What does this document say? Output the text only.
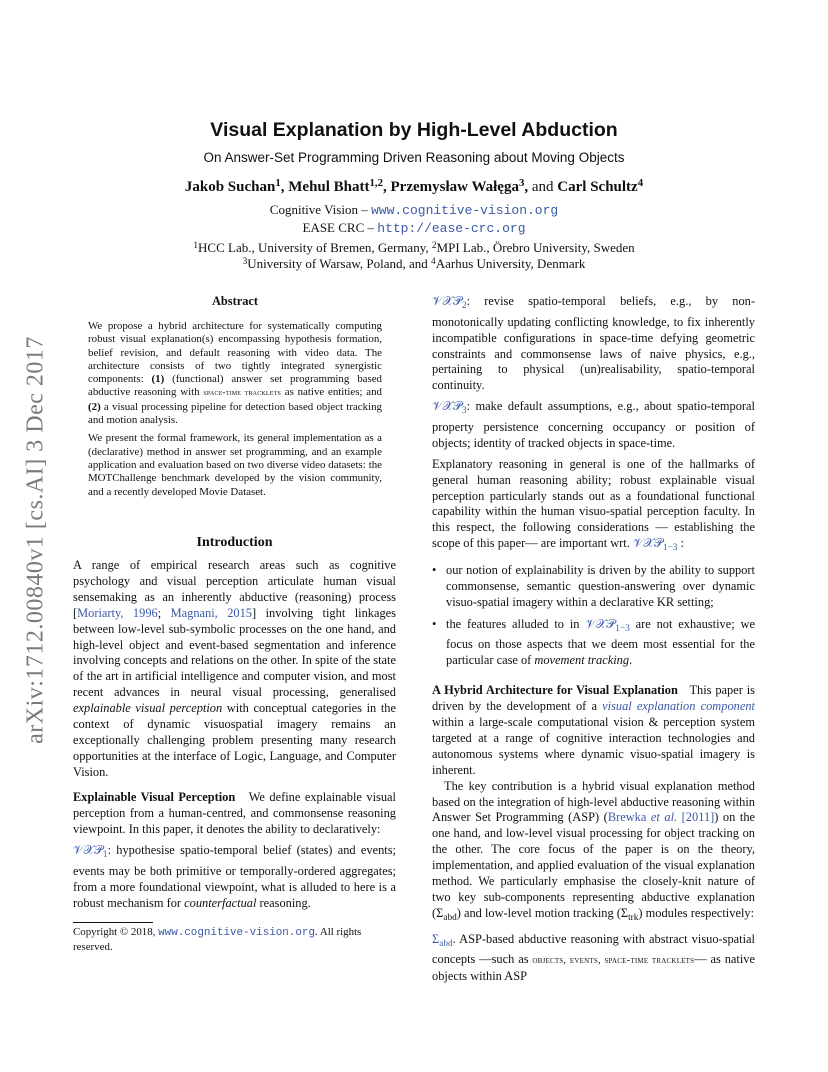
Visual Explanation by High-Level Abduction
On Answer-Set Programming Driven Reasoning about Moving Objects
Jakob Suchan$^1$, Mehul Bhatt$^{1,2}$, Przemysław Wałęga$^3$, and Carl Schultz$^4$
Cognitive Vision – www.cognitive-vision.org
EASE CRC – http://ease-crc.org
$^1$HCC Lab., University of Bremen, Germany, $^2$MPI Lab., Örebro University, Sweden
$^3$University of Warsaw, Poland, and $^4$Aarhus University, Denmark
arXiv:1712.00840v1 [cs.AI] 3 Dec 2017
Abstract

We propose a hybrid architecture for systematically computing robust visual explanation(s) encompassing hypothesis formation, belief revision, and default reasoning with video data. The architecture consists of two tightly integrated synergistic components: (1) (functional) answer set programming based abductive reasoning with space-time tracklets as native entities; and (2) a visual processing pipeline for detection based object tracking and motion analysis.

We present the formal framework, its general implementation as a (declarative) method in answer set programming, and an example application and evaluation based on two diverse video datasets: the MOTChallenge benchmark developed by the vision community, and a recently developed Movie Dataset.

Introduction

A range of empirical research areas such as cognitive psychology and visual perception articulate human visual sensemaking as an inherently abductive (reasoning) process [Moriarty, 1996; Magnani, 2015] involving tight linkages between low-level sub-symbolic processes on the one hand, and high-level object and event-based segmentation and inference involving concepts and relations on the other. In spite of the state of the art in artificial intelligence and computer vision, and most recent advances in neural visual processing, generalised explainable visual perception with conceptual categories in the context of dynamic visuospatial imagery remains an exceptionally challenging problem presenting many research opportunities at the interface of Logic, Language, and Computer Vision.

Explainable Visual Perception We define explainable visual perception from a human-centred, and commonsense reasoning viewpoint. In this paper, it denotes the ability to declaratively:

𝒱𝒳𝒫$_1$: hypothesise spatio-temporal belief (states) and events; events may be both primitive or temporally-ordered aggregates; from a more foundational viewpoint, what is alluded to here is a robust mechanism for counterfactual reasoning.

Copyright © 2018, www.cognitive-vision.org. All rights reserved.

𝒱𝒳𝒫$_2$: revise spatio-temporal beliefs, e.g., by non-monotonically updating conflicting knowledge, to fix inherently incompatible configurations in space-time defying geometric constraints and commonsense laws of naive physics, e.g., pertaining to physical (un)realisability, spatio-temporal continuity.

𝒱𝒳𝒫$_3$: make default assumptions, e.g., about spatio-temporal property persistence concerning occupancy or position of objects; identity of tracked objects in space-time.

Explanatory reasoning in general is one of the hallmarks of general human reasoning ability; robust explainable visual perception particularly stands out as a foundational functional capability within the human visuo-spatial perception faculty. In this respect, the following considerations — establishing the scope of this paper— are important wrt. 𝒱𝒳𝒫$_{1-3}$ :

• our notion of explainability is driven by the ability to support commonsense, semantic question-answering over dynamic visuo-spatial imagery within a declarative KR setting;
• the features alluded to in 𝒱𝒳𝒫$_{1-3}$ are not exhaustive; we focus on those aspects that we deem most essential for the particular case of movement tracking.

A Hybrid Architecture for Visual Explanation This paper is driven by the development of a visual explanation component within a large-scale computational vision & perception system targeted at a range of cognitive interaction technologies and autonomous systems where dynamic visuo-spatial imagery is inherent.

The key contribution is a hybrid visual explanation method based on the integration of high-level abductive reasoning within Answer Set Programming (ASP) (Brewka et al. [2011]) on the one hand, and low-level visual processing for object tracking on the other. The core focus of the paper is on the theory, implementation, and applied evaluation of the visual explanation method. We particularly emphasise the closely-knit nature of two key sub-components representing abductive explanation $(\Sigma_{abd})$ and low-level motion tracking $(\Sigma_{trk})$ modules respectively:

$\Sigma_{abd}$. ASP-based abductive reasoning with abstract visuo-spatial concepts —such as objects, events, space-time tracklets— as native objects within ASP
